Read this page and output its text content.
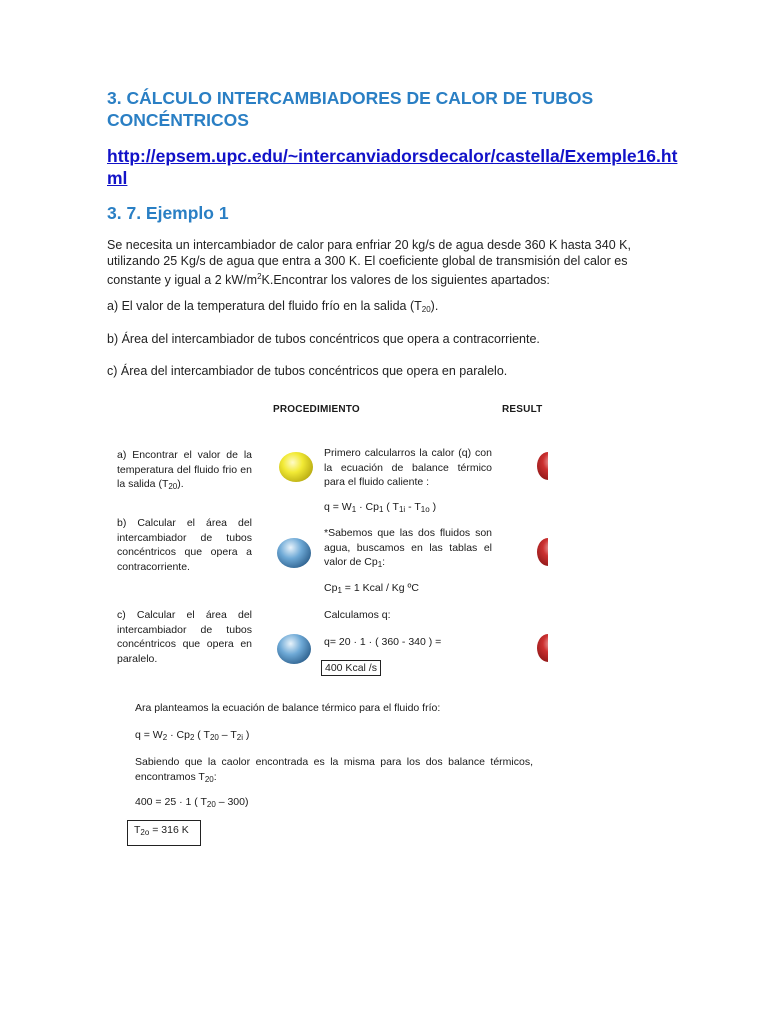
3. CÁLCULO INTERCAMBIADORES DE CALOR DE TUBOS CONCÉNTRICOS
http://epsem.upc.edu/~intercanviadorsdecalor/castella/Exemple16.html
3. 7. Ejemplo 1

Se necesita un intercambiador de calor para enfriar 20 kg/s de agua desde 360 K hasta 340 K, utilizando 25 Kg/s de agua que entra a 300 K. El coeficiente global de transmisión del calor es constante y igual a 2 $kW/m^2K.Encontrar$ los valores de los siguientes apartados:

a) El valor de la temperatura del fluido frío en la salida $(T_{20})$.

b) Área del intercambiador de tubos concéntricos que opera a contracorriente.

c) Área del intercambiador de tubos concéntricos que opera en paralelo.

PROCEDIMIENTO	RESULT
a) Encontrar el valor de la temperatura del fluido frio en la salida $(T_{20})$.
b) Calcular el área del intercambiador de tubos concéntricos que opera a contracorriente.
c) Calcular el área del intercambiador de tubos concéntricos que opera en paralelo.
Primero calcularros la calor (q) con la ecuación de balance térmico para el fluido caliente :
$q = W_1 \cdot Cp_1$ ( $T_{1i} - T_{1o}$ )
*Sabemos que las dos fluidos son agua, buscamos en las tablas el valor de $Cp_1$:
$Cp_1 = 1$ Kcal / Kg ºC
Calculamos q:
q= 20 · 1 · ( 360 - 340 ) =
400 Kcal /s
Ara planteamos la ecuación de balance térmico para el fluido frío:
$q = W_2 \cdot Cp_2$ ( $T_{20} - T_{2i}$ )
Sabiendo que la caolor encontrada es la misma para los dos balance térmicos, encontramos $T_{20}$:
400 = 25 · 1 ( $T_{20} - 300$)
$T_{2o} = 316$ K
